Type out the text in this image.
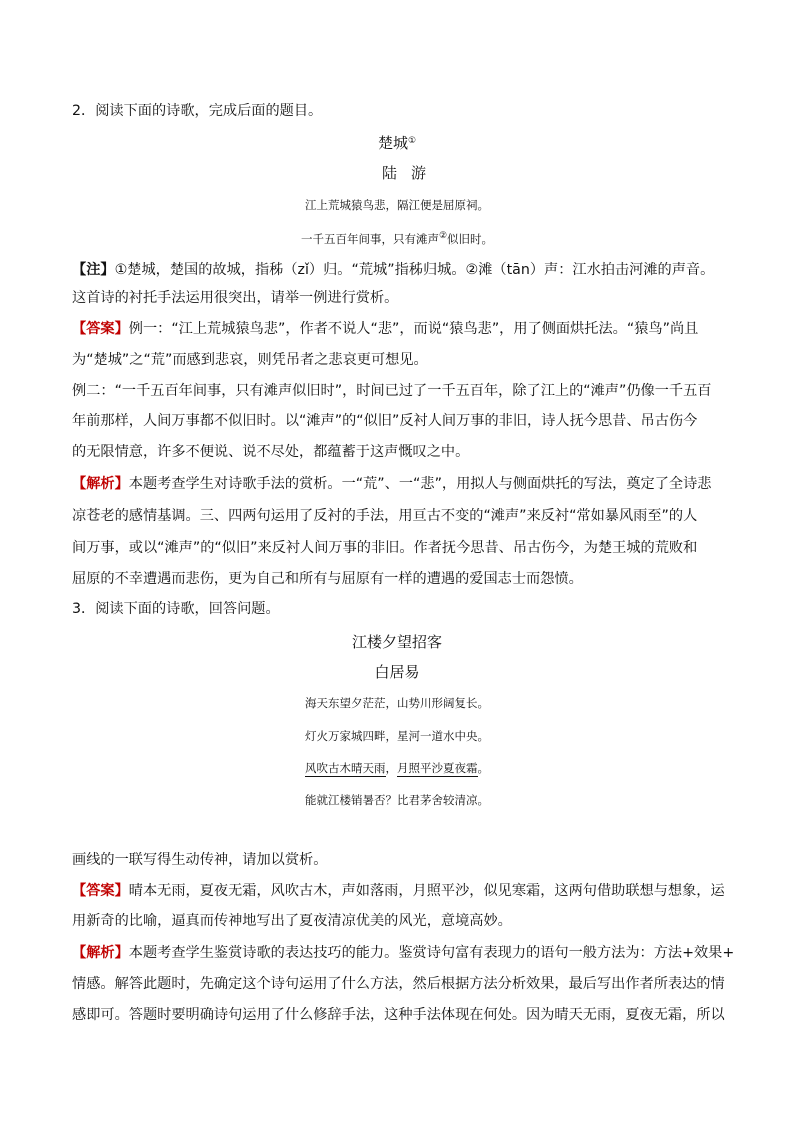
2．阅读下面的诗歌，完成后面的题目。
楚城①
陆游
江上荒城猿鸟悲，隔江便是屈原祠。
一千五百年间事，只有滩声②似旧时。
【注】①楚城，楚国的故城，指秭（zǐ）归。“荒城”指秭归城。②滩（tān）声：江水拍击河滩的声音。
这首诗的衬托手法运用很突出，请举一例进行赏析。
【答案】例一：“江上荒城猿鸟悲”，作者不说人“悲”，而说“猿鸟悲”，用了侧面烘托法。“猿鸟”尚且
为“楚城”之“荒”而感到悲哀，则凭吊者之悲哀更可想见。
例二：“一千五百年间事，只有滩声似旧时”，时间已过了一千五百年，除了江上的“滩声”仍像一千五百
年前那样，人间万事都不似旧时。以“滩声”的“似旧”反衬人间万事的非旧，诗人抚今思昔、吊古伤今
的无限情意，许多不便说、说不尽处，都蕴蓄于这声慨叹之中。
【解析】本题考查学生对诗歌手法的赏析。一“荒”、一“悲”，用拟人与侧面烘托的写法，奠定了全诗悲
凉苍老的感情基调。三、四两句运用了反衬的手法，用亘古不变的“滩声”来反衬“常如暴风雨至”的人
间万事，或以“滩声”的“似旧”来反衬人间万事的非旧。作者抚今思昔、吊古伤今，为楚王城的荒败和
屈原的不幸遭遇而悲伤，更为自己和所有与屈原有一样的遭遇的爱国志士而怨愤。
3．阅读下面的诗歌，回答问题。
江楼夕望招客
白居易
海天东望夕茫茫，山势川形阔复长。
灯火万家城四畔，星河一道水中央。
风吹古木晴天雨，月照平沙夏夜霜。
能就江楼销暑否？比君茅舍较清凉。
画线的一联写得生动传神，请加以赏析。
【答案】晴本无雨，夏夜无霜，风吹古木，声如落雨，月照平沙，似见寒霜，这两句借助联想与想象，运
用新奇的比喻，逼真而传神地写出了夏夜清凉优美的风光，意境高妙。
【解析】本题考查学生鉴赏诗歌的表达技巧的能力。鉴赏诗句富有表现力的语句一般方法为：方法+效果+
情感。解答此题时，先确定这个诗句运用了什么方法，然后根据方法分析效果，最后写出作者所表达的情
感即可。答题时要明确诗句运用了什么修辞手法，这种手法体现在何处。因为晴天无雨，夏夜无霜，所以
